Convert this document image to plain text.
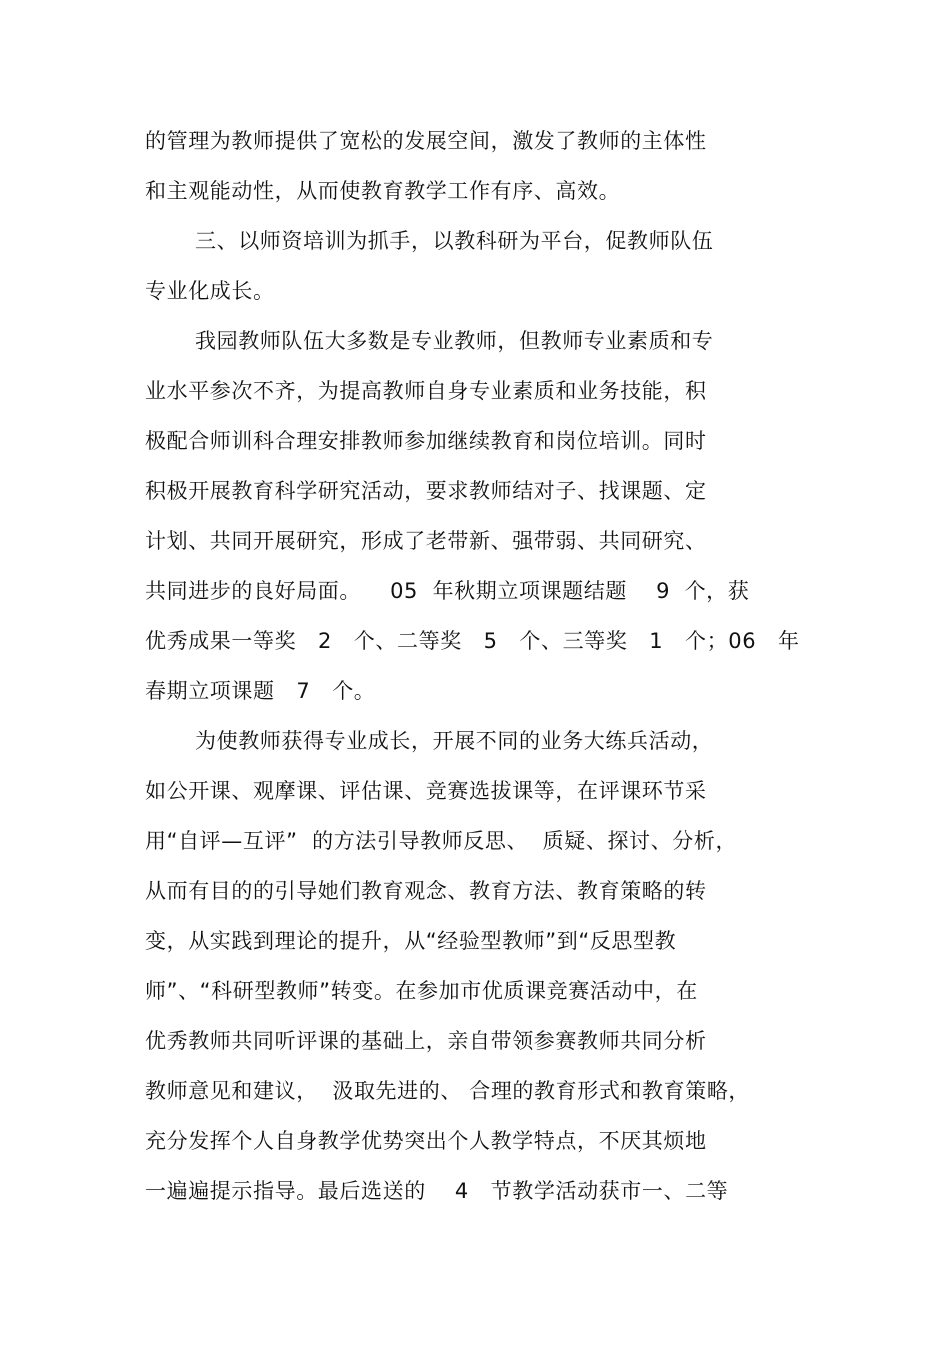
的管理为教师提供了宽松的发展空间，激发了教师的主体性
和主观能动性，从而使教育教学工作有序、高效。
三、以师资培训为抓手，以教科研为平台，促教师队伍
专业化成长。
我园教师队伍大多数是专业教师，但教师专业素质和专
业水平参次不齐，为提高教师自身专业素质和业务技能，积
极配合师训科合理安排教师参加继续教育和岗位培训。同时
积极开展教育科学研究活动，要求教师结对子、找课题、定
计划、共同开展研究，形成了老带新、强带弱、共同研究、
共同进步的良好局面。    05  年秋期立项课题结题    9  个，获
优秀成果一等奖   2   个、二等奖   5   个、三等奖   1   个；06   年
春期立项课题   7   个。
为使教师获得专业成长，开展不同的业务大练兵活动，
如公开课、观摩课、评估课、竞赛选拔课等，在评课环节采
用“自评—互评”  的方法引导教师反思、  质疑、探讨、分析，
从而有目的的引导她们教育观念、教育方法、教育策略的转
变，从实践到理论的提升，从“经验型教师”到“反思型教
师”、“科研型教师”转变。在参加市优质课竞赛活动中，在
优秀教师共同听评课的基础上，亲自带领参赛教师共同分析
教师意见和建议，  汲取先进的、 合理的教育形式和教育策略，
充分发挥个人自身教学优势突出个人教学特点，不厌其烦地
一遍遍提示指导。最后选送的    4   节教学活动获市一、二等
